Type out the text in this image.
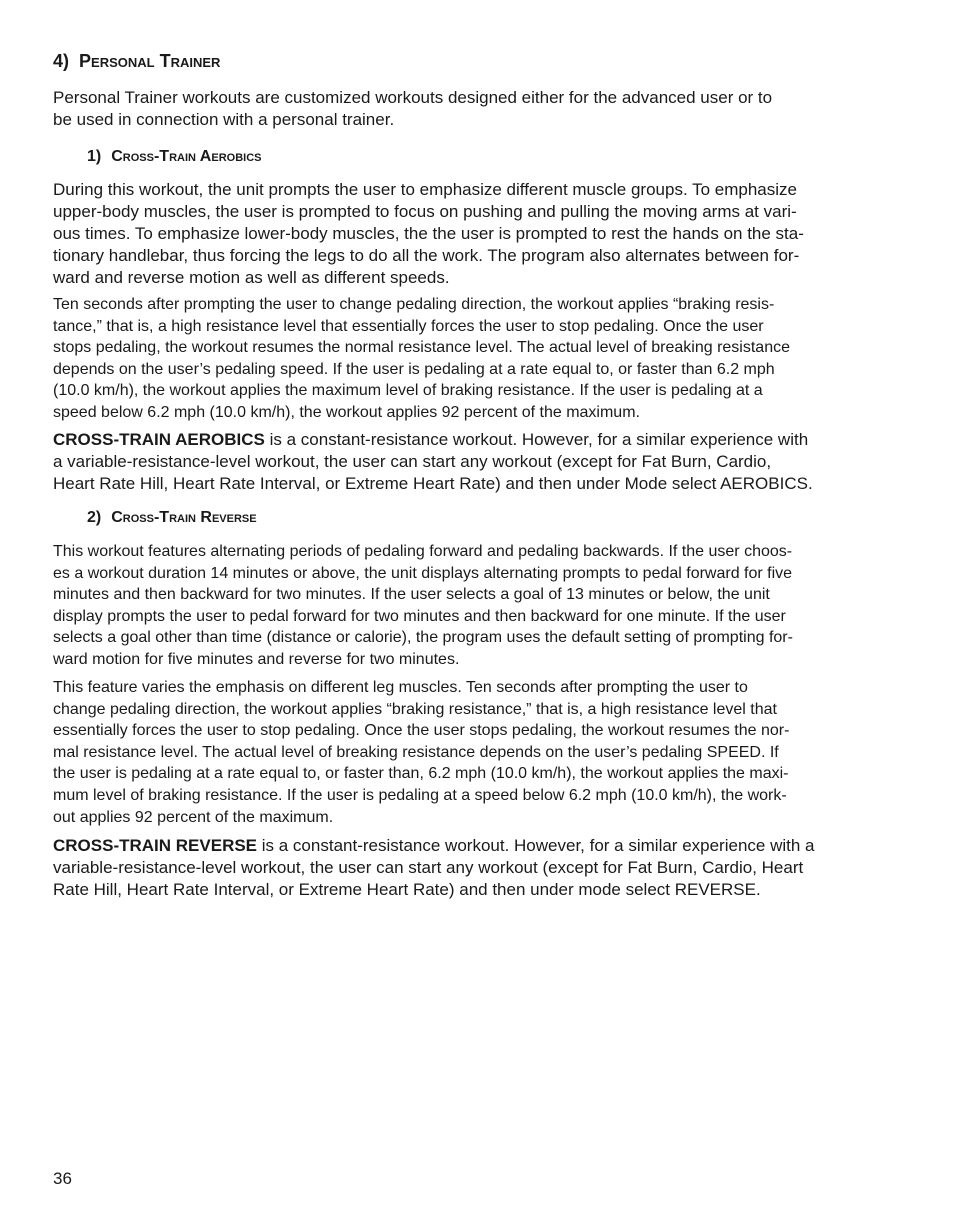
4) Personal Trainer
Personal Trainer workouts are customized workouts designed either for the advanced user or to
be used in connection with a personal trainer.
1) Cross-Train Aerobics
During this workout, the unit prompts the user to emphasize different muscle groups. To emphasize
upper-body muscles, the user is prompted to focus on pushing and pulling the moving arms at vari-
ous times. To emphasize lower-body muscles, the the user is prompted to rest the hands on the sta-
tionary handlebar, thus forcing the legs to do all the work. The program also alternates between for-
ward and reverse motion as well as different speeds.
Ten seconds after prompting the user to change pedaling direction, the workout applies “braking resis-
tance,” that is, a high resistance level that essentially forces the user to stop pedaling. Once the user
stops pedaling, the workout resumes the normal resistance level. The actual level of breaking resistance
depends on the user’s pedaling speed. If the user is pedaling at a rate equal to, or faster than 6.2 mph
(10.0 km/h), the workout applies the maximum level of braking resistance. If the user is pedaling at a
speed below 6.2 mph (10.0 km/h), the workout applies 92 percent of the maximum.
CROSS-TRAIN AEROBICS is a constant-resistance workout. However, for a similar experience with
a variable-resistance-level workout, the user can start any workout (except for Fat Burn, Cardio,
Heart Rate Hill, Heart Rate Interval, or Extreme Heart Rate) and then under Mode select AEROBICS.
2) Cross-Train Reverse
This workout features alternating periods of pedaling forward and pedaling backwards. If the user choos-
es a workout duration 14 minutes or above, the unit displays alternating prompts to pedal forward for five
minutes and then backward for two minutes. If the user selects a goal of 13 minutes or below, the unit
display prompts the user to pedal forward for two minutes and then backward for one minute. If the user
selects a goal other than time (distance or calorie), the program uses the default setting of prompting for-
ward motion for five minutes and reverse for two minutes.
This feature varies the emphasis on different leg muscles. Ten seconds after prompting the user to
change pedaling direction, the workout applies “braking resistance,” that is, a high resistance level that
essentially forces the user to stop pedaling. Once the user stops pedaling, the workout resumes the nor-
mal resistance level. The actual level of breaking resistance depends on the user’s pedaling SPEED. If
the user is pedaling at a rate equal to, or faster than, 6.2 mph (10.0 km/h), the workout applies the maxi-
mum level of braking resistance. If the user is pedaling at a speed below 6.2 mph (10.0 km/h), the work-
out applies 92 percent of the maximum.
CROSS-TRAIN REVERSE is a constant-resistance workout. However, for a similar experience with a
variable-resistance-level workout, the user can start any workout (except for Fat Burn, Cardio, Heart
Rate Hill, Heart Rate Interval, or Extreme Heart Rate) and then under mode select REVERSE.
36
